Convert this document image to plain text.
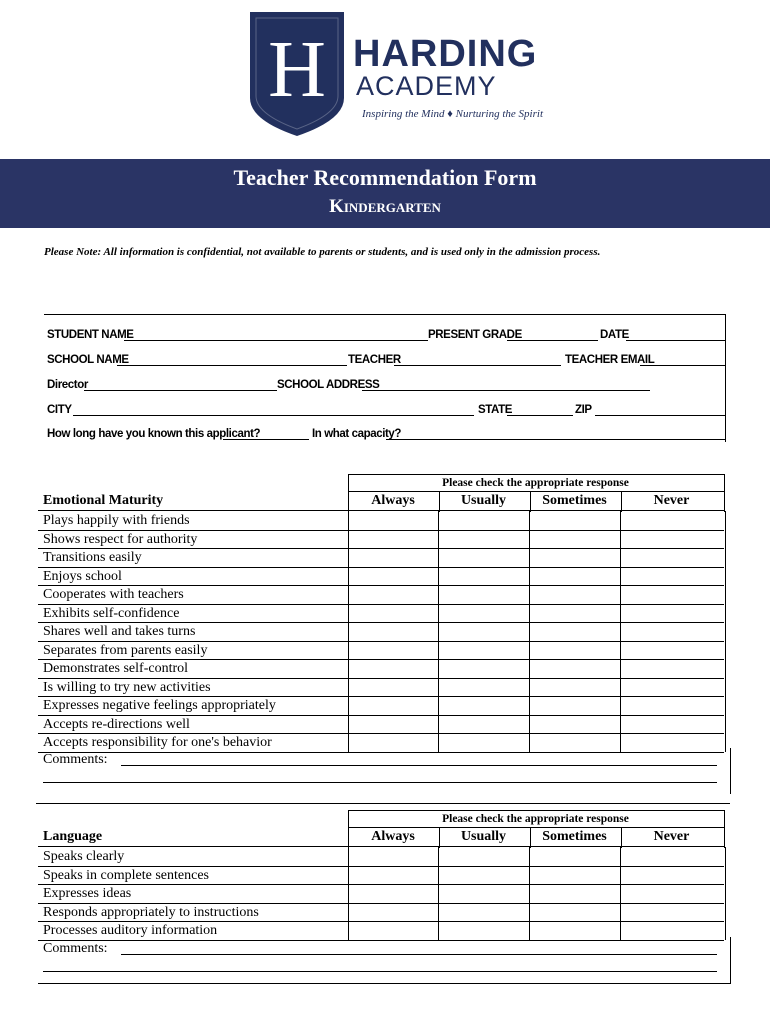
H HARDING
ACADEMY
Inspiring the Mind ♦ Nurturing the Spirit
Teacher Recommendation Form
Kindergarten
Please Note: All information is confidential, not available to parents or students, and is used only in the admission process.
STUDENT NAME	PRESENT GRADE	DATE
SCHOOL NAME	TEACHER	TEACHER EMAIL
Director	SCHOOL ADDRESS
CITY	STATE	ZIP
How long have you known this applicant?	In what capacity?
Please check the appropriate response
Always	Usually	Sometimes	Never
Emotional Maturity
Plays happily with friends
Shows respect for authority
Transitions easily
Enjoys school
Cooperates with teachers
Exhibits self-confidence
Shares well and takes turns
Separates from parents easily
Demonstrates self-control
Is willing to try new activities
Expresses negative feelings appropriately
Accepts re-directions well
Accepts responsibility for one's behavior
Comments:
Please check the appropriate response
Always	Usually	Sometimes	Never
Language
Speaks clearly
Speaks in complete sentences
Expresses ideas
Responds appropriately to instructions
Processes auditory information
Comments:
